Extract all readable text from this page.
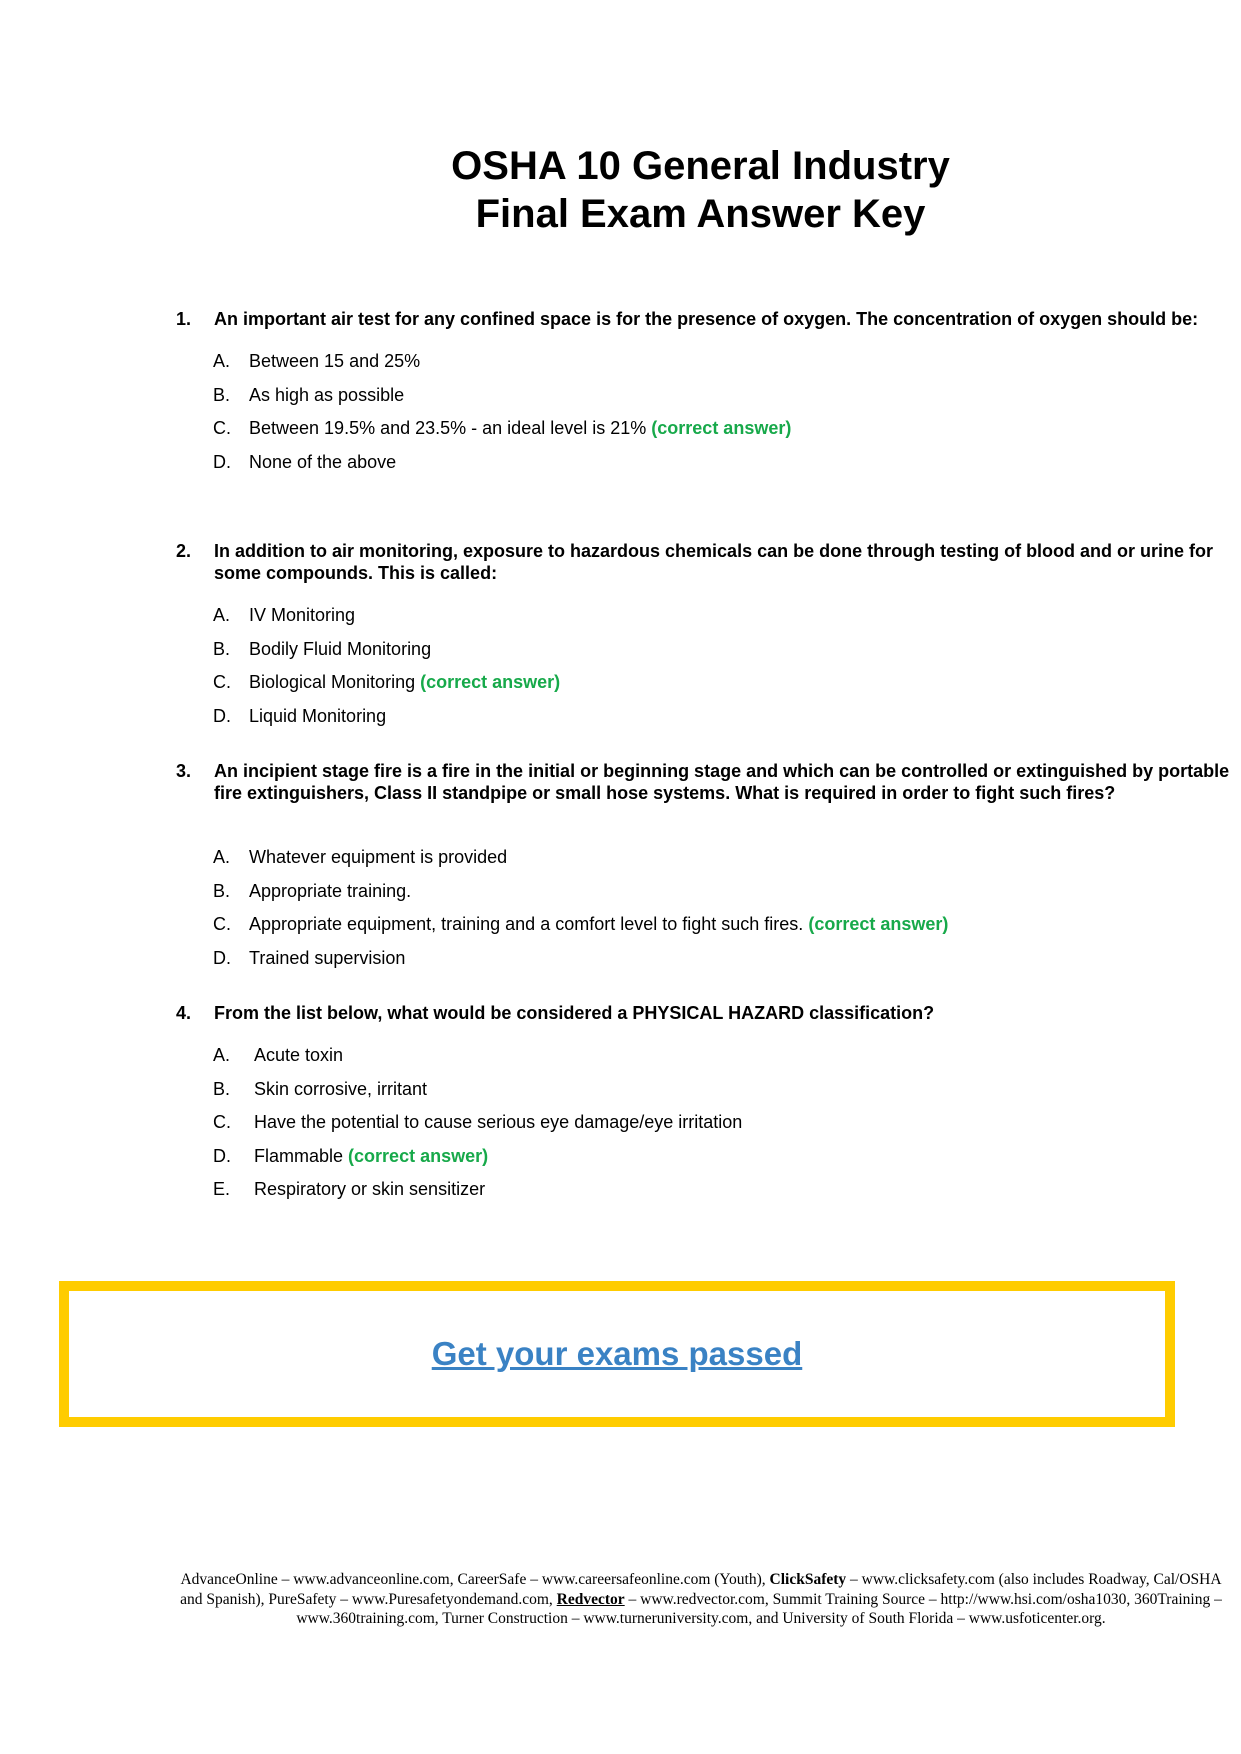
OSHA 10 General Industry

Final Exam Answer Key

1. An important air test for any confined space is for the presence of oxygen. The concentration of oxygen should be:
A. Between 15 and 25%
B. As high as possible
C. Between 19.5% and 23.5% - an ideal level is 21% (correct answer)
D. None of the above
2. In addition to air monitoring, exposure to hazardous chemicals can be done through testing of blood and or urine for some compounds. This is called:
A. IV Monitoring
B. Bodily Fluid Monitoring
C. Biological Monitoring (correct answer)
D. Liquid Monitoring
3. An incipient stage fire is a fire in the initial or beginning stage and which can be controlled or extinguished by portable fire extinguishers, Class II standpipe or small hose systems. What is required in order to fight such fires?
A. Whatever equipment is provided
B. Appropriate training.
C. Appropriate equipment, training and a comfort level to fight such fires. (correct answer)
D. Trained supervision
4. From the list below, what would be considered a PHYSICAL HAZARD classification?
A. Acute toxin
B. Skin corrosive, irritant
C. Have the potential to cause serious eye damage/eye irritation
D. Flammable (correct answer)
E. Respiratory or skin sensitizer
Get your exams passed
AdvanceOnline – www.advanceonline.com, CareerSafe – www.careersafeonline.com (Youth), ClickSafety – www.clicksafety.com (also includes Roadway, Cal/OSHA and Spanish), PureSafety – www.Puresafetyondemand.com, Redvector – www.redvector.com, Summit Training Source – http://www.hsi.com/osha1030, 360Training – www.360training.com, Turner Construction – www.turneruniversity.com, and University of South Florida – www.usfoticenter.org.
